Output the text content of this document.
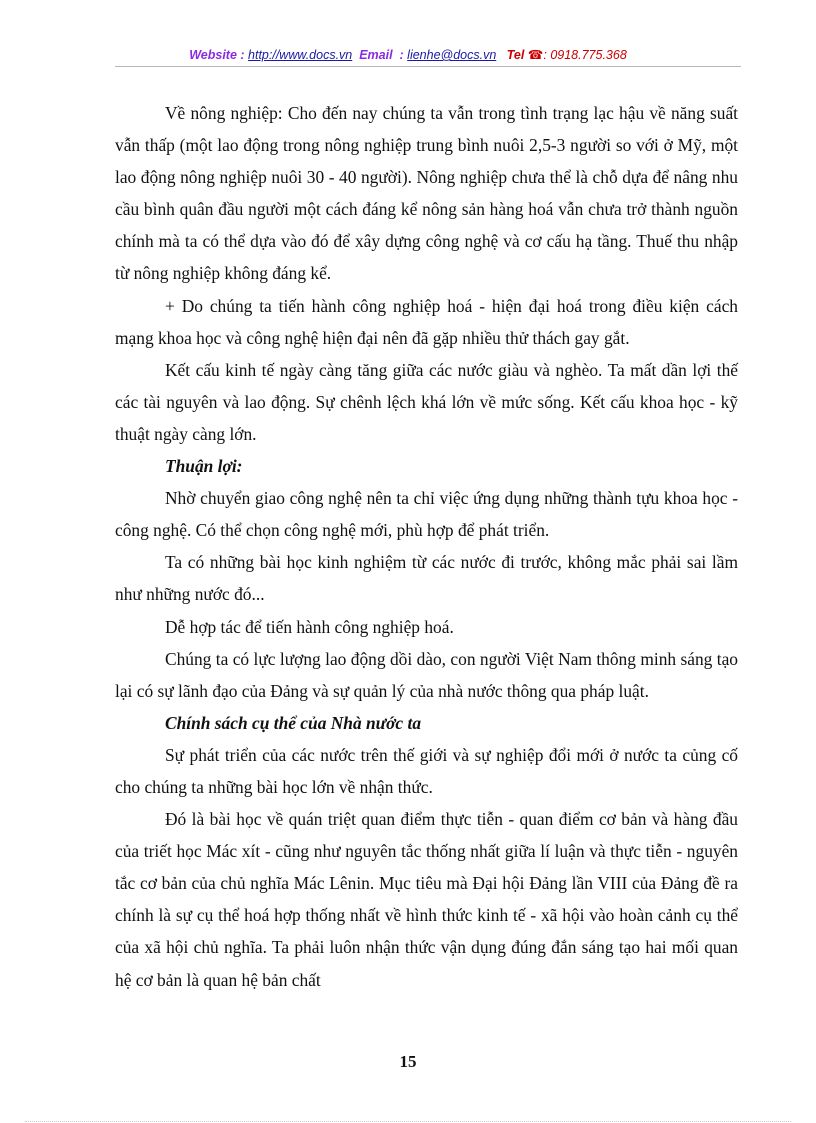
Website : http://www.docs.vn Email : lienhe@docs.vn Tel ☎: 0918.775.368

Về nông nghiệp: Cho đến nay chúng ta vẫn trong tình trạng lạc hậu về năng suất vẫn thấp (một lao động trong nông nghiệp trung bình nuôi 2,5-3 người so với ở Mỹ, một lao động nông nghiệp nuôi 30 - 40 người). Nông nghiệp chưa thể là chỗ dựa để nâng nhu cầu bình quân đầu người một cách đáng kể nông sản hàng hoá vẫn chưa trở thành nguồn chính mà ta có thể dựa vào đó để xây dựng công nghệ và cơ cấu hạ tầng. Thuế thu nhập từ nông nghiệp không đáng kể.

+ Do chúng ta tiến hành công nghiệp hoá - hiện đại hoá trong điều kiện cách mạng khoa học và công nghệ hiện đại nên đã gặp nhiều thử thách gay gắt.

Kết cấu kinh tế ngày càng tăng giữa các nước giàu và nghèo. Ta mất dần lợi thế các tài nguyên và lao động. Sự chênh lệch khá lớn về mức sống. Kết cấu khoa học - kỹ thuật ngày càng lớn.

Thuận lợi:

Nhờ chuyển giao công nghệ nên ta chỉ việc ứng dụng những thành tựu khoa học - công nghệ. Có thể chọn công nghệ mới, phù hợp để phát triển.

Ta có những bài học kinh nghiệm từ các nước đi trước, không mắc phải sai lầm như những nước đó...

Dễ hợp tác để tiến hành công nghiệp hoá.

Chúng ta có lực lượng lao động dồi dào, con người Việt Nam thông minh sáng tạo lại có sự lãnh đạo của Đảng và sự quản lý của nhà nước thông qua pháp luật.

Chính sách cụ thể của Nhà nước ta

Sự phát triển của các nước trên thế giới và sự nghiệp đổi mới ở nước ta củng cố cho chúng ta những bài học lớn về nhận thức.

Đó là bài học về quán triệt quan điểm thực tiễn - quan điểm cơ bản và hàng đầu của triết học Mác xít - cũng như nguyên tắc thống nhất giữa lí luận và thực tiễn - nguyên tắc cơ bản của chủ nghĩa Mác Lênin. Mục tiêu mà Đại hội Đảng lần VIII của Đảng đề ra chính là sự cụ thể hoá hợp thống nhất về hình thức kinh tế - xã hội vào hoàn cảnh cụ thể của xã hội chủ nghĩa. Ta phải luôn nhận thức vận dụng đúng đắn sáng tạo hai mối quan hệ cơ bản là quan hệ bản chất

15
